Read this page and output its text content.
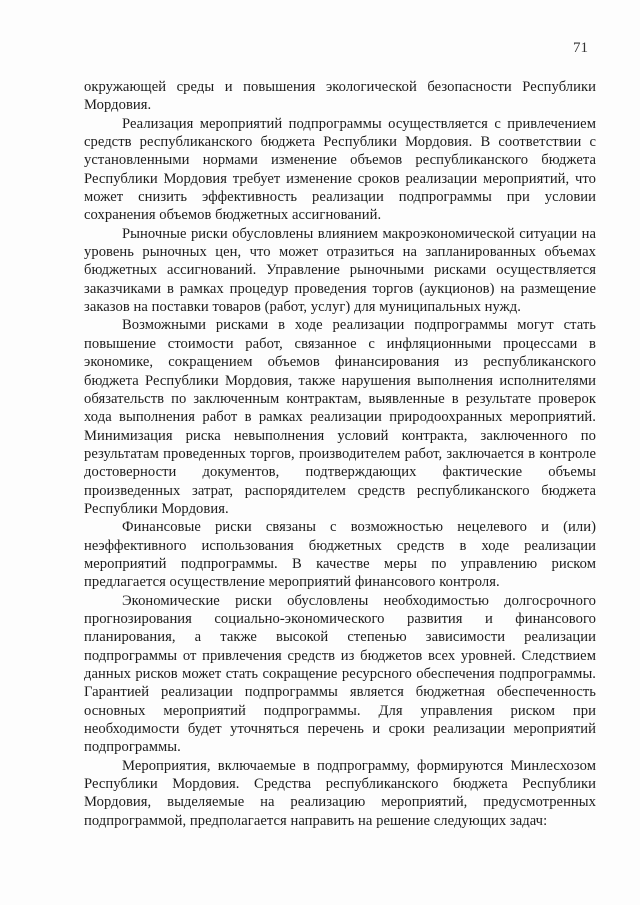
71

окружающей среды и повышения экологической безопасности Республики Мордовия.

Реализация мероприятий подпрограммы осуществляется с привлечением средств республиканского бюджета Республики Мордовия. В соответствии с установленными нормами изменение объемов республиканского бюджета Республики Мордовия требует изменение сроков реализации мероприятий, что может снизить эффективность реализации подпрограммы при условии сохранения объемов бюджетных ассигнований.

Рыночные риски обусловлены влиянием макроэкономической ситуации на уровень рыночных цен, что может отразиться на запланированных объемах бюджетных ассигнований. Управление рыночными рисками осуществляется заказчиками в рамках процедур проведения торгов (аукционов) на размещение заказов на поставки товаров (работ, услуг) для муниципальных нужд.

Возможными рисками в ходе реализации подпрограммы могут стать повышение стоимости работ, связанное с инфляционными процессами в экономике, сокращением объемов финансирования из республиканского бюджета Республики Мордовия, также нарушения выполнения исполнителями обязательств по заключенным контрактам, выявленные в результате проверок хода выполнения работ в рамках реализации природоохранных мероприятий. Минимизация риска невыполнения условий контракта, заключенного по результатам проведенных торгов, производителем работ, заключается в контроле достоверности документов, подтверждающих фактические объемы произведенных затрат, распорядителем средств республиканского бюджета Республики Мордовия.

Финансовые риски связаны с возможностью нецелевого и (или) неэффективного использования бюджетных средств в ходе реализации мероприятий подпрограммы. В качестве меры по управлению риском предлагается осуществление мероприятий финансового контроля.

Экономические риски обусловлены необходимостью долгосрочного прогнозирования социально-экономического развития и финансового планирования, а также высокой степенью зависимости реализации подпрограммы от привлечения средств из бюджетов всех уровней. Следствием данных рисков может стать сокращение ресурсного обеспечения подпрограммы. Гарантией реализации подпрограммы является бюджетная обеспеченность основных мероприятий подпрограммы. Для управления риском при необходимости будет уточняться перечень и сроки реализации мероприятий подпрограммы.

Мероприятия, включаемые в подпрограмму, формируются Минлесхозом Республики Мордовия. Средства республиканского бюджета Республики Мордовия, выделяемые на реализацию мероприятий, предусмотренных подпрограммой, предполагается направить на решение следующих задач:
